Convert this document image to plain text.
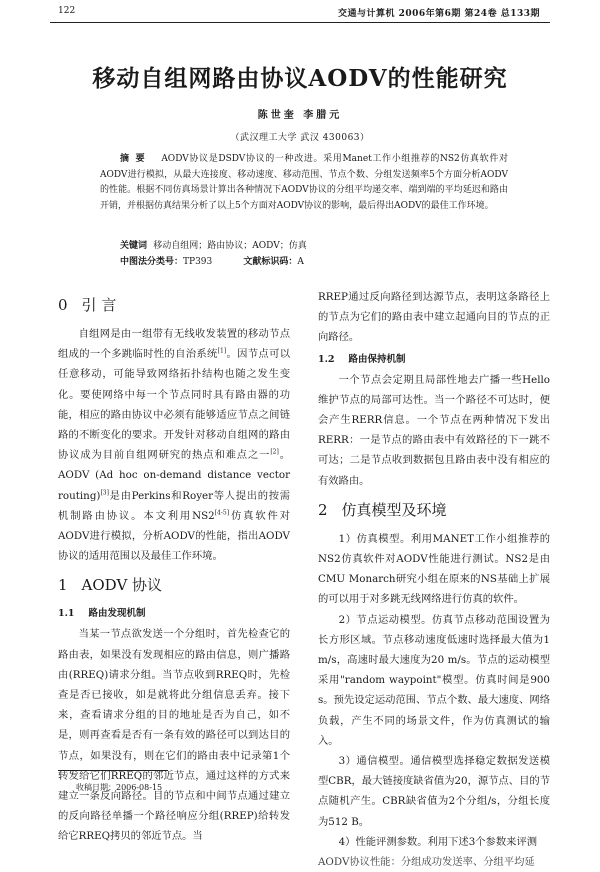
122	交通与计算机 2006年第6期 第24卷 总133期
移动自组网路由协议AODV的性能研究
陈世奎 李腊元
（武汉理工大学 武汉 430063）
摘要 AODV协议是DSDV协议的一种改进。采用Manet工作小组推荐的NS2仿真软件对AODV进行模拟，从最大连接度、移动速度、移动范围、节点个数、分组发送频率5个方面分析AODV的性能。根据不同仿真场景计算出各种情况下AODV协议的分组平均递交率、端到端的平均延迟和路由开销，并根据仿真结果分析了以上5个方面对AODV协议的影响，最后得出AODV的最佳工作环境。
关键词 移动自组网；路由协议；AODV；仿真
中图法分类号：TP393	文献标识码：A
0 引 言

自组网是由一组带有无线收发装置的移动节点组成的一个多跳临时性的自治系统[1]。因节点可以任意移动，可能导致网络拓扑结构也随之发生变化。要使网络中每一个节点同时具有路由器的功能，相应的路由协议中必须有能够适应节点之间链路的不断变化的要求。开发针对移动自组网的路由协议成为目前自组网研究的热点和难点之一[2]。AODV (Ad hoc on-demand distance vector routing)[3]是由Perkins和Royer等人提出的按需机制路由协议。本文利用NS2[4-5]仿真软件对AODV进行模拟，分析AODV的性能，指出AODV协议的适用范围以及最佳工作环境。

1 AODV 协议
1.1 路由发现机制

当某一节点欲发送一个分组时，首先检查它的路由表，如果没有发现相应的路由信息，则广播路由(RREQ)请求分组。当节点收到RREQ时，先检查是否已接收，如是就将此分组信息丢弃。接下来，查看请求分组的目的地址是否为自己，如不是，则再查看是否有一条有效的路径可以到达目的节点，如果没有，则在它们的路由表中记录第1个转发给它们RREQ的邻近节点，通过这样的方式来建立一条反向路径。目的节点和中间节点通过建立的反向路径单播一个路径响应分组(RREP)给转发给它RREQ拷贝的邻近节点。当

收稿日期：2006-08-15

RREP通过反向路径到达源节点，表明这条路径上的节点为它们的路由表中建立起通向目的节点的正向路径。

1.2 路由保持机制

一个节点会定期且局部性地去广播一些Hello维护节点的局部可达性。当一个路径不可达时，便会产生RERR信息。一个节点在两种情况下发出RERR：一是节点的路由表中有效路径的下一跳不可达；二是节点收到数据包且路由表中没有相应的有效路由。

2 仿真模型及环境

1）仿真模型。利用MANET工作小组推荐的NS2仿真软件对AODV性能进行测试。NS2是由CMU Monarch研究小组在原来的NS基础上扩展的可以用于对多跳无线网络进行仿真的软件。

2）节点运动模型。仿真节点移动范围设置为长方形区域。节点移动速度低速时选择最大值为1 m/s，高速时最大速度为20 m/s。节点的运动模型采用"random waypoint"模型。仿真时间是900 s。预先设定运动范围、节点个数、最大速度、网络负载，产生不同的场景文件，作为仿真测试的输入。

3）通信模型。通信模型选择稳定数据发送模型CBR，最大链接度缺省值为20，源节点、目的节点随机产生。CBR缺省值为2个分组/s，分组长度为512 B。

4）性能评测参数。利用下述3个参数来评测

AODV协议性能：分组成功发送率、分组平均延
